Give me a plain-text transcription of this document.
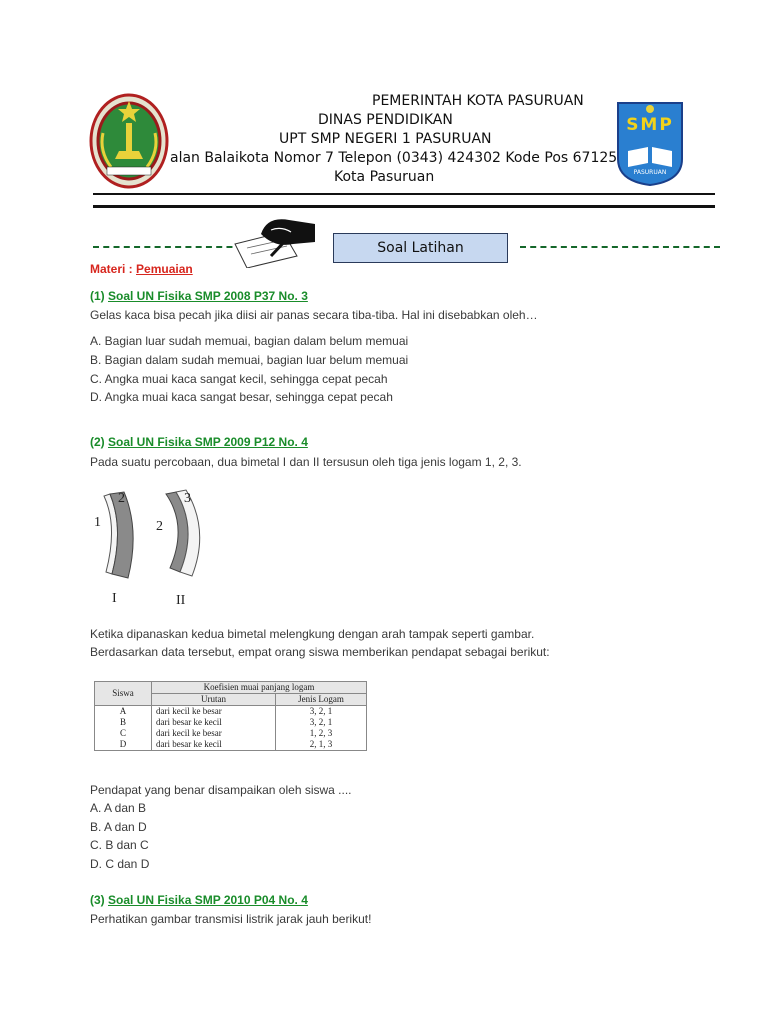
PEMERINTAH KOTA PASURUAN
DINAS PENDIDIKAN
UPT SMP NEGERI 1 PASURUAN
alan Balaikota Nomor 7 Telepon (0343) 424302 Kode Pos 67125
Kota Pasuruan
SMP
PASURUAN
Soal Latihan
Materi : Pemuaian
(1) Soal UN Fisika SMP 2008 P37 No. 3
Gelas kaca bisa pecah jika diisi air panas secara tiba-tiba. Hal ini disebabkan oleh…
A. Bagian luar sudah memuai, bagian dalam belum memuai
B. Bagian dalam sudah memuai, bagian luar belum memuai
C. Angka muai kaca sangat kecil, sehingga cepat pecah
D. Angka muai kaca sangat besar, sehingga cepat pecah
(2) Soal UN Fisika SMP 2009 P12 No. 4
Pada suatu percobaan, dua bimetal I dan II tersusun oleh tiga jenis logam 1, 2, 3.
1
2
I
2
3
II
Ketika dipanaskan kedua bimetal melengkung dengan arah tampak seperti gambar.
Berdasarkan data tersebut, empat orang siswa memberikan pendapat sebagai berikut:
Siswa	Koefisien muai panjang logam	
	Urutan	Jenis Logam
A	dari kecil ke besar	3, 2, 1
B	dari besar ke kecil	3, 2, 1
C	dari kecil ke besar	1, 2, 3
D	dari besar ke kecil	2, 1, 3
Pendapat yang benar disampaikan oleh siswa ....
A. A dan B
B. A dan D
C. B dan C
D. C dan D
(3) Soal UN Fisika SMP 2010 P04 No. 4
Perhatikan gambar transmisi listrik jarak jauh berikut!
